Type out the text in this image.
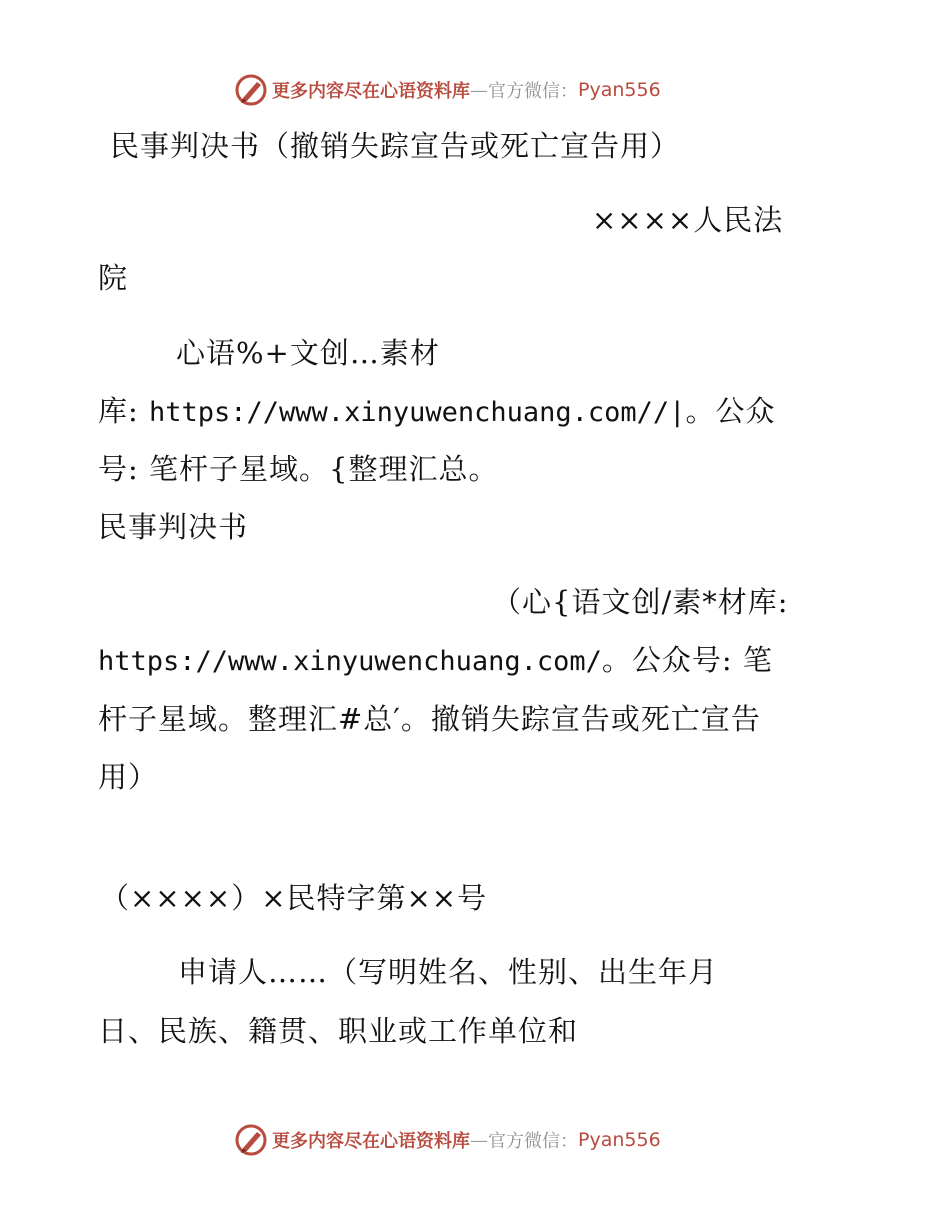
更多内容尽在心语资料库 — 官方微信： Pyan556
民事判决书（撤销失踪宣告或死亡宣告用）
××××人民法
院
心语%+文创…素材
库: https://www.xinyuwenchuang.com//|。公众
号: 笔杆子星域。{整理汇总。
民事判决书
（心{语文创/素*材库:
https://www.xinyuwenchuang.com/。公众号: 笔
杆子星域。整理汇#总′。撤销失踪宣告或死亡宣告
用）
（××××）×民特字第××号
申请人……（写明姓名、性别、出生年月
日、民族、籍贯、职业或工作单位和
更多内容尽在心语资料库 — 官方微信： Pyan556
